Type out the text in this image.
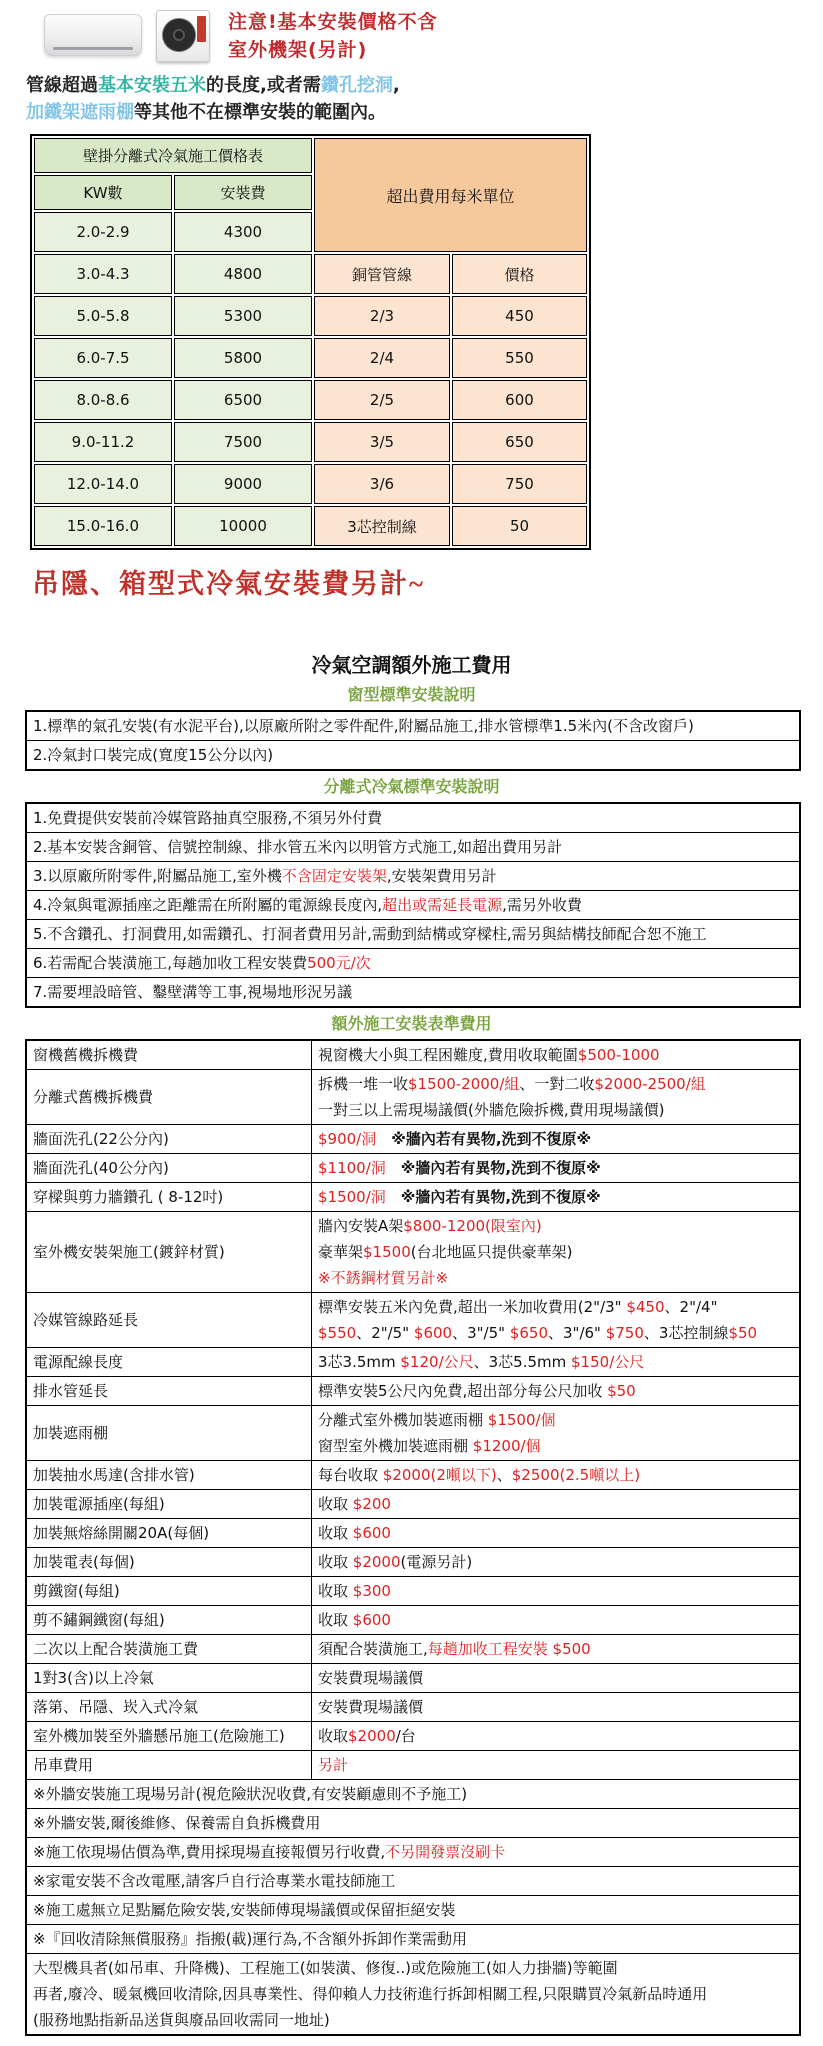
注意!基本安裝價格不含
室外機架(另計)
管線超過基本安裝五米的長度,或者需鑽孔挖洞,
加鐵架遮雨棚等其他不在標準安裝的範圍內。
壁掛分離式冷氣施工價格表		超出費用每米單位	
KW數	安裝費		
2.0-2.9	4300		
3.0-4.3	4800	銅管管線	價格
5.0-5.8	5300	2/3	450
6.0-7.5	5800	2/4	550
8.0-8.6	6500	2/5	600
9.0-11.2	7500	3/5	650
12.0-14.0	9000	3/6	750
15.0-16.0	10000	3芯控制線	50
吊隱、箱型式冷氣安裝費另計~
冷氣空調額外施工費用
窗型標準安裝說明
1.標準的氣孔安裝(有水泥平台),以原廠所附之零件配件,附屬品施工,排水管標準1.5米內(不含改窗戶)
2.冷氣封口裝完成(寬度15公分以內)
分離式冷氣標準安裝說明
1.免費提供安裝前冷媒管路抽真空服務,不須另外付費
2.基本安裝含銅管、信號控制線、排水管五米內以明管方式施工,如超出費用另計
3.以原廠所附零件,附屬品施工,室外機不含固定安裝架,安裝架費用另計
4.冷氣與電源插座之距離需在所附屬的電源線長度內,超出或需延長電源,需另外收費
5.不含鑽孔、打洞費用,如需鑽孔、打洞者費用另計,需動到結構或穿樑柱,需另與結構技師配合恕不施工
6.若需配合裝潢施工,每趟加收工程安裝費500元/次
7.需要埋設暗管、鑿壁溝等工事,視場地形況另議
額外施工安裝表準費用
窗機舊機拆機費	視窗機大小與工程困難度,費用收取範圍$500-1000

分離式舊機拆機費	拆機一堆一收$1500-2000/組、一對二收$2000-2500/組
一對三以上需現場議價(外牆危險拆機,費用現場議價)

牆面洗孔(22公分內)	$900/洞　※牆內若有異物,洗到不復原※

牆面洗孔(40公分內)	$1100/洞　※牆內若有異物,洗到不復原※

穿樑與剪力牆鑽孔 ( 8-12吋)	$1500/洞　※牆內若有異物,洗到不復原※

室外機安裝架施工(鍍鋅材質)	牆內安裝A架$800-1200(限室內)
豪華架$1500(台北地區只提供豪華架)
※不銹鋼材質另計※

冷媒管線路延長	標準安裝五米內免費,超出一米加收費用(2"/3" $450、2"/4"
$550、2"/5" $600、3"/5" $650、3"/6" $750、3芯控制線$50

電源配線長度	3芯3.5mm $120/公尺、3芯5.5mm $150/公尺

排水管延長	標準安裝5公尺內免費,超出部分每公尺加收 $50

加裝遮雨棚	分離式室外機加裝遮雨棚 $1500/個
窗型室外機加裝遮雨棚 $1200/個

加裝抽水馬達(含排水管)	每台收取 $2000(2噸以下)、$2500(2.5噸以上)

加裝電源插座(每組)	收取 $200

加裝無熔絲開關20A(每個)	收取 $600

加裝電表(每個)	收取 $2000(電源另計)

剪鐵窗(每組)	收取 $300

剪不鏽鋼鐵窗(每組)	收取 $600

二次以上配合裝潢施工費	須配合裝潢施工,每趟加收工程安裝 $500

1對3(含)以上冷氣	安裝費現場議價

落第、吊隱、崁入式冷氣	安裝費現場議價

室外機加裝至外牆懸吊施工(危險施工)	收取$2000/台

吊車費用	另計

※外牆安裝施工現場另計(視危險狀況收費,有安裝顧慮則不予施工)	
※外牆安裝,爾後維修、保養需自負拆機費用	
※施工依現場估價為準,費用採現場直接報價另行收費,不另開發票沒刷卡	
※家電安裝不含改電壓,請客戶自行洽專業水電技師施工	
※施工處無立足點屬危險安裝,安裝師傅現場議價或保留拒絕安裝	
※『回收清除無償服務』指搬(載)運行為,不含額外拆卸作業需動用	

大型機具者(如吊車、升降機)、工程施工(如裝潢、修復..)或危險施工(如人力掛牆)等範圍
再者,廢冷、暖氣機回收清除,因具專業性、得仰賴人力技術進行拆卸相關工程,只限購買冷氣新品時通用
(服務地點指新品送貨與廢品回收需同一地址)	
